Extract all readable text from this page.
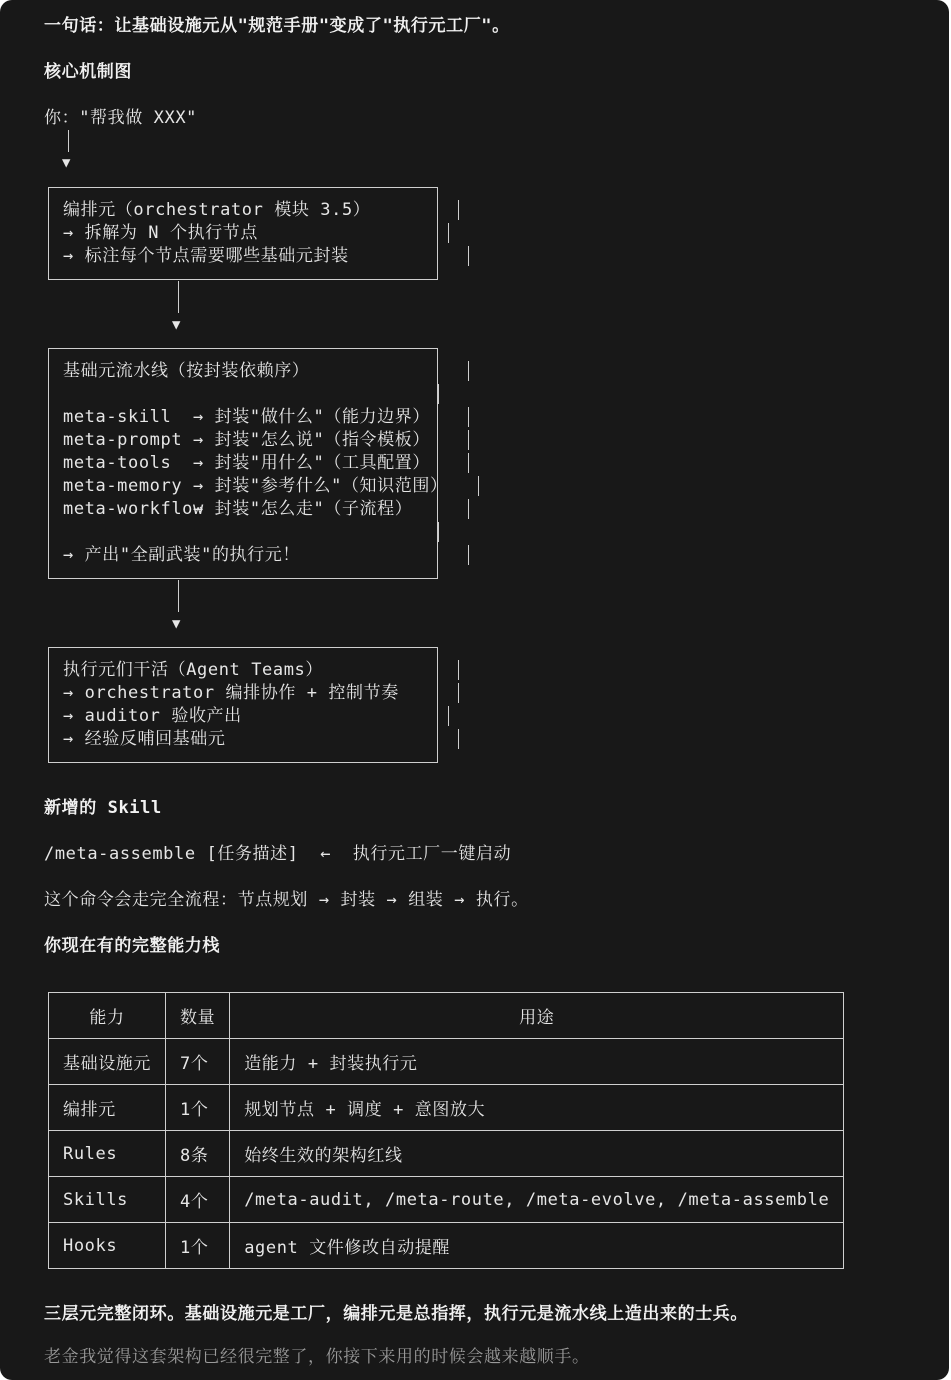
一句话：让基础设施元从"规范手册"变成了"执行元工厂"。
核心机制图
你："帮我做 XXX"
▼
编排元（orchestrator 模块 3.5）
→ 拆解为 N 个执行节点
→ 标注每个节点需要哪些基础元封装
▼
基础元流水线（按封装依赖序）
meta-skill → 封装"做什么"（能力边界）
meta-prompt → 封装"怎么说"（指令模板）
meta-tools → 封装"用什么"（工具配置）
meta-memory → 封装"参考什么"（知识范围）
meta-workflow→ 封装"怎么走"（子流程）
→ 产出"全副武装"的执行元！
▼
执行元们干活（Agent Teams）
→ orchestrator 编排协作 + 控制节奏
→ auditor 验收产出
→ 经验反哺回基础元
新增的 Skill
/meta-assemble [任务描述]  ←  执行元工厂一键启动
这个命令会走完全流程：节点规划 → 封装 → 组装 → 执行。
你现在有的完整能力栈
能力	数量	用途
基础设施元	7个	造能力 + 封装执行元
编排元	1个	规划节点 + 调度 + 意图放大
Rules	8条	始终生效的架构红线
Skills	4个	/meta-audit, /meta-route, /meta-evolve, /meta-assemble
Hooks	1个	agent 文件修改自动提醒
三层元完整闭环。基础设施元是工厂，编排元是总指挥，执行元是流水线上造出来的士兵。
老金我觉得这套架构已经很完整了，你接下来用的时候会越来越顺手。
